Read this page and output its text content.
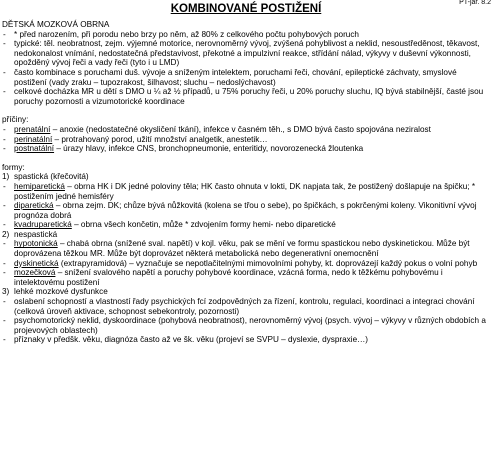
PT-jar. 8.2
KOMBINOVANÉ POSTIŽENÍ

DĚTSKÁ MOZKOVÁ OBRNA

- * před narozením, při porodu nebo brzy po něm, až 80% z celkového počtu pohybových poruch
- typické: těl. neobratnost, zejm. výjemné motorice, nerovnoměrný vývoj, zvýšená pohyblivost a neklid, nesoustředěnost, těkavost, nedokonalost vnímání, nedostatečná představivost, překotné a impulzivní reakce, střídání nálad, výkyvy v duševní výkonnosti, opožděný vývoj řeči a vady řeči (tyto i u LMD)
- často kombinace s poruchami duš. vývoje a sníženým intelektem, poruchami řeči, chování, epileptické záchvaty, smyslové postižení (vady zraku – tupozrakost, šilhavost; sluchu – nedoslýchavost)
- celkové docházka MR u dětí s DMO u ¼ až ½ případů, u 75% poruchy řeči, u 20% poruchy sluchu, IQ bývá stabilnější, časté jsou poruchy pozornosti a vizumotorické koordinace

příčiny:

- prenatální – anoxie (nedostatečné okysličení tkání), infekce v časném těh., s DMO bývá často spojována neziralost
- perinatální – protrahovaný porod, užití množství analgetik, anestetik…
- postnatální – úrazy hlavy, infekce CNS, bronchopneumonie, enteritidy, novorozenecká žloutenka

formy:

1) spastická (křečovitá)
- hemiparetická – obrna HK i DK jedné poloviny těla; HK často ohnuta v lokti, DK napjata tak, že postižený došlapuje na špičku; * postižením jedné hemisféry
- diparetická – obrna zejm. DK; chůze bývá nůžkovitá (kolena se třou o sebe), po špičkách, s pokrčenými koleny. Vikonitivní vývoj prognóza dobrá
- kvadruparetická – obrna všech končetin, může * zdvojením formy hemi- nebo diparetické
2) nespastická
- hypotonická – chabá obrna (snížené sval. napětí) v kojl. věku, pak se mění ve formu spastickou nebo dyskinetickou. Může být doprovázena těžkou MR. Může být doprovázet některá metabolická nebo degenerativní onemocnění
- dyskinetická (extrapyramidová) – vyznačuje se nepotlačitelnými mimovolními pohyby, kt. doprovázejí každý pokus o volní pohyb
- mozečková – snížení svalového napětí a poruchy pohybové koordinace, vzácná forma, nedo k těžkému pohybovému i intelektovému postižení
3) lehké mozkové dysfunkce
- oslabení schopností a vlastností řady psychických fcí zodpovědných za řízení, kontrolu, regulaci, koordinaci a integraci chování (celková úroveň aktivace, schopnost sebekontroly, pozornosti)
- psychomotorický neklid, dyskoordinace (pohybová neobratnost), nerovnoměrný vývoj (psych. vývoj – výkyvy v různých obdobích a projevových oblastech)
- příznaky v předšk. věku, diagnóza často až ve šk. věku (projeví se SVPU – dyslexie, dyspraxie…)
